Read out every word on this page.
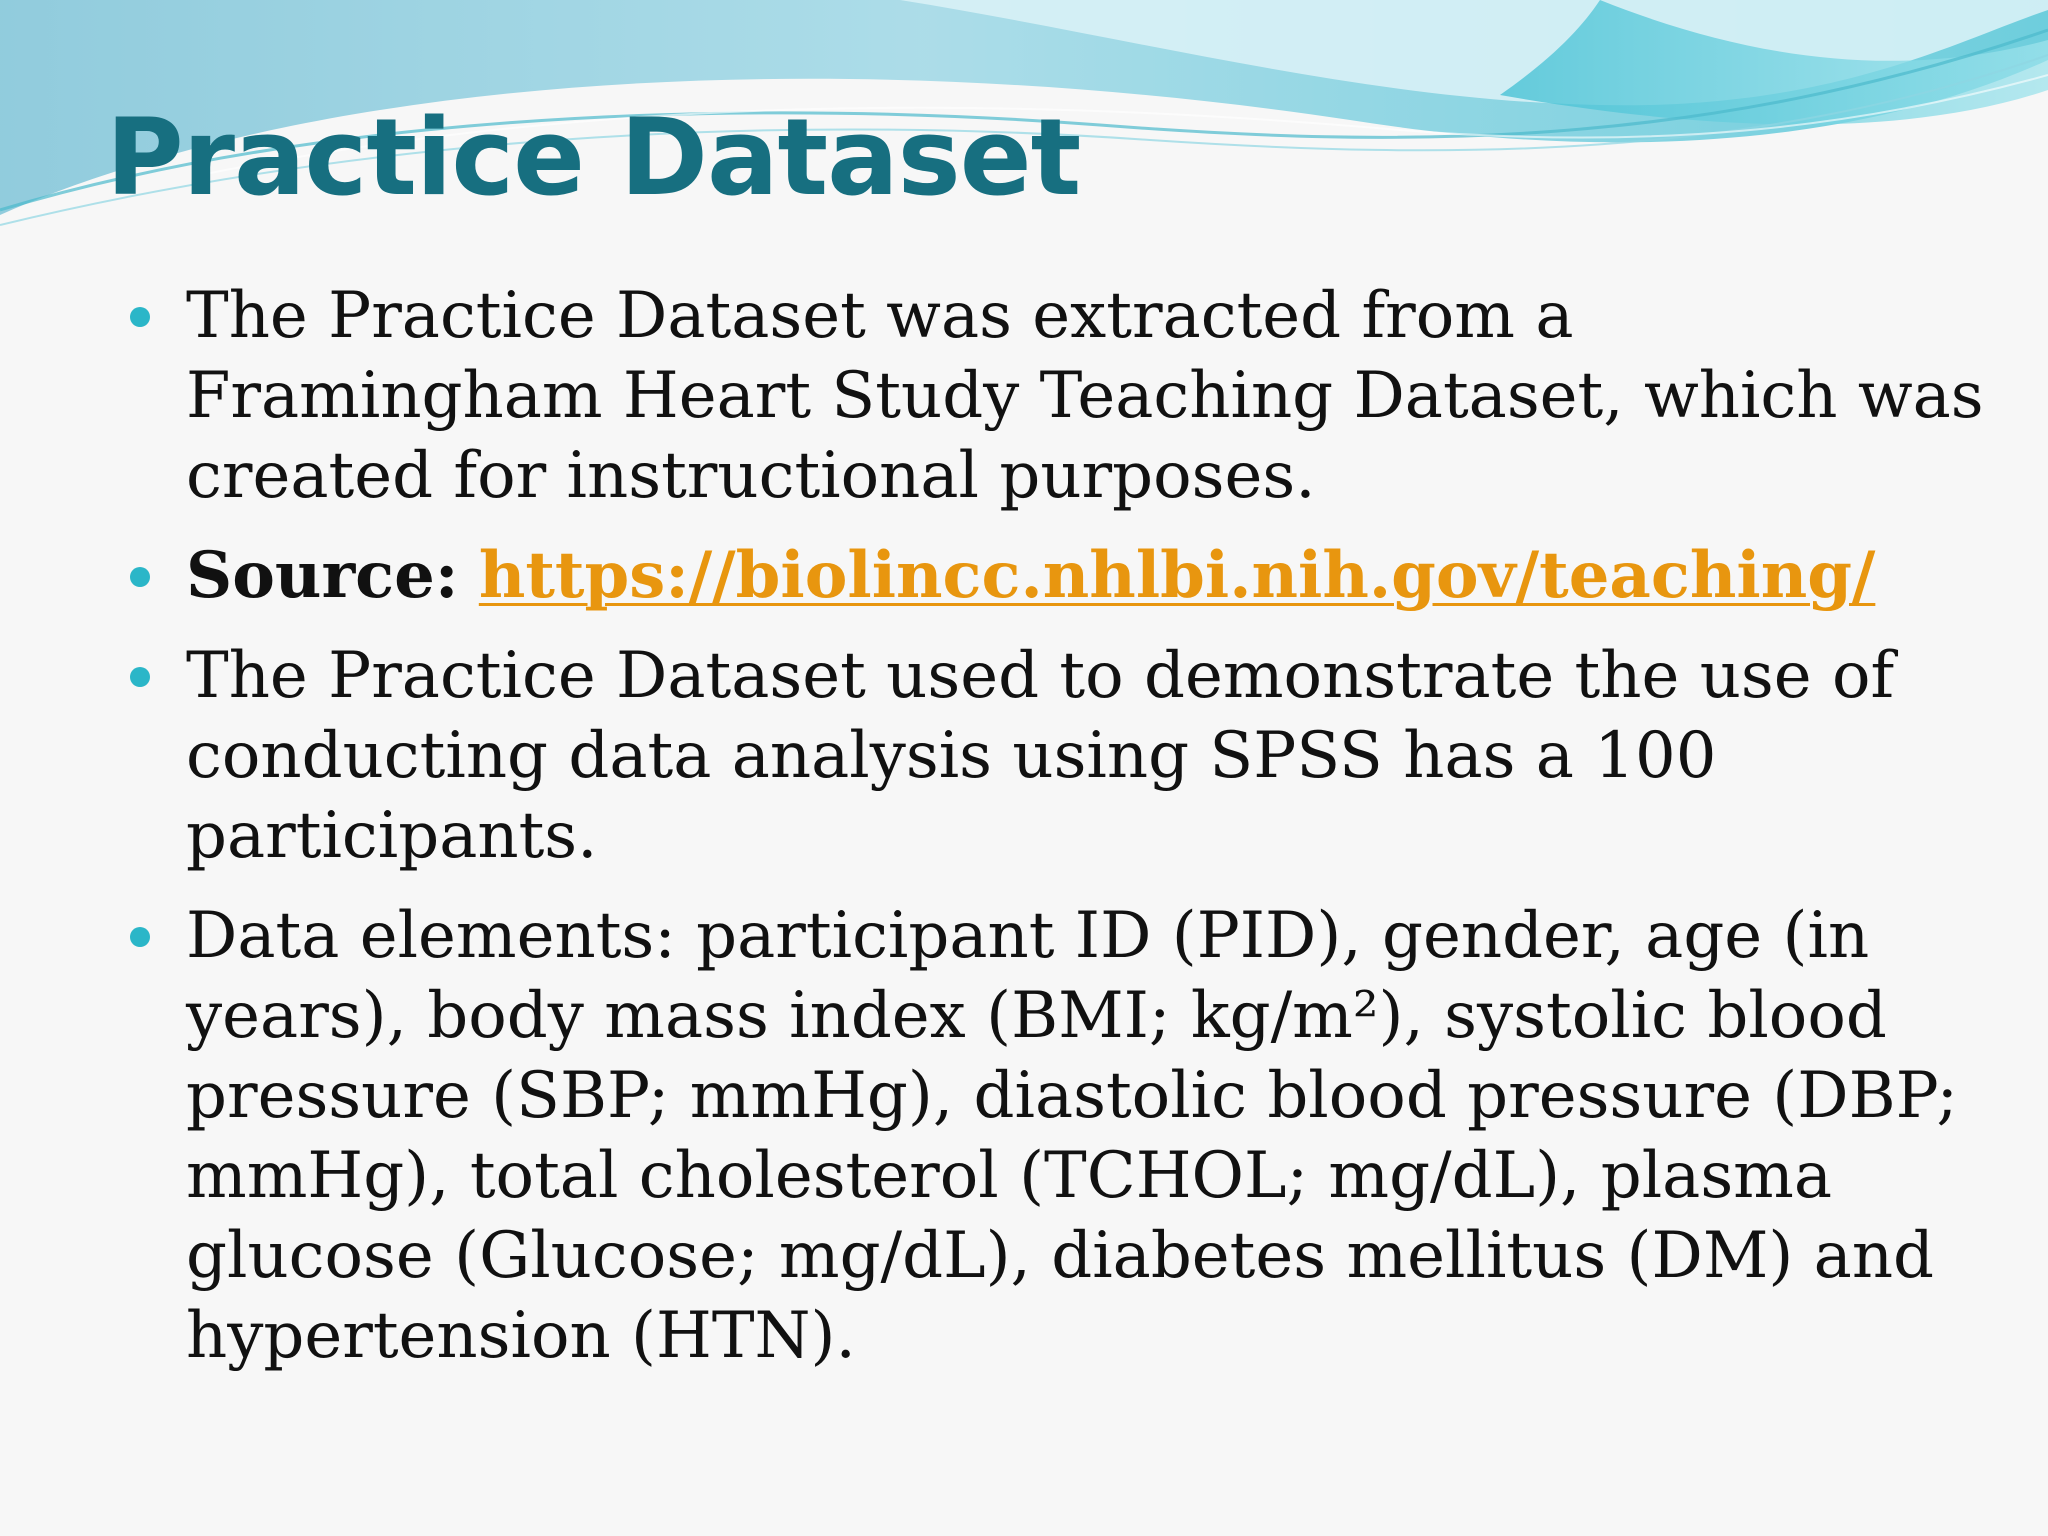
Practice Dataset
The Practice Dataset was extracted from a Framingham Heart Study Teaching Dataset, which was created for instructional purposes.
Source: https://biolincc.nhlbi.nih.gov/teaching/
The Practice Dataset used to demonstrate the use of conducting data analysis using SPSS has a 100 participants.
Data elements: participant ID (PID), gender, age (in years), body mass index (BMI; kg/m²), systolic blood pressure (SBP; mmHg), diastolic blood pressure (DBP; mmHg), total cholesterol (TCHOL; mg/dL), plasma glucose (Glucose; mg/dL), diabetes mellitus (DM) and hypertension (HTN).
